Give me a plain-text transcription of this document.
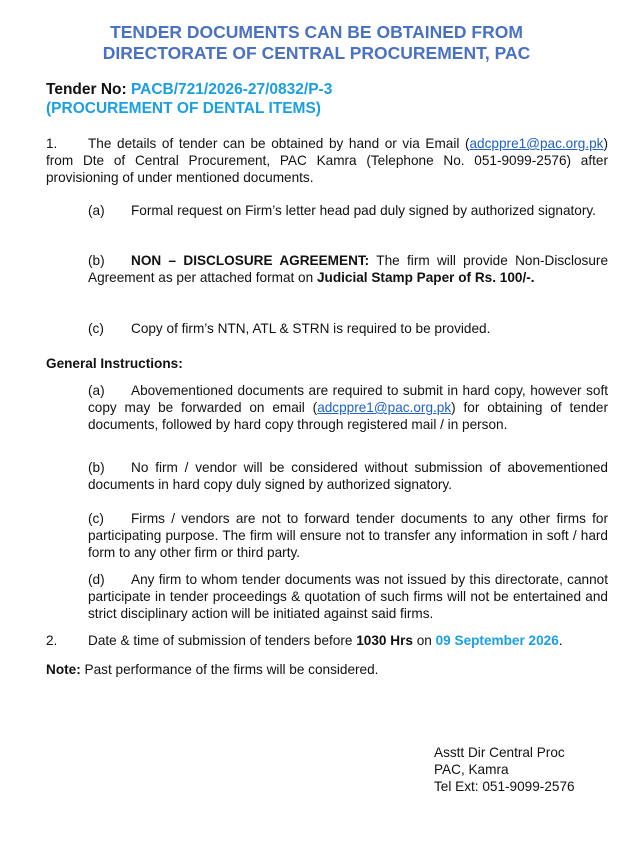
TENDER DOCUMENTS CAN BE OBTAINED FROM
DIRECTORATE OF CENTRAL PROCUREMENT, PAC
Tender No: PACB/721/2026-27/0832/P-3
(PROCUREMENT OF DENTAL ITEMS)
1. The details of tender can be obtained by hand or via Email (adcppre1@pac.org.pk) from Dte of Central Procurement, PAC Kamra (Telephone No. 051-9099-2576) after provisioning of under mentioned documents.
(a) Formal request on Firm’s letter head pad duly signed by authorized signatory.
(b) NON – DISCLOSURE AGREEMENT: The firm will provide Non-Disclosure Agreement as per attached format on Judicial Stamp Paper of Rs. 100/-.
(c) Copy of firm’s NTN, ATL & STRN is required to be provided.
General Instructions:
(a) Abovementioned documents are required to submit in hard copy, however soft copy may be forwarded on email (adcppre1@pac.org.pk) for obtaining of tender documents, followed by hard copy through registered mail / in person.
(b) No firm / vendor will be considered without submission of abovementioned documents in hard copy duly signed by authorized signatory.
(c) Firms / vendors are not to forward tender documents to any other firms for participating purpose. The firm will ensure not to transfer any information in soft / hard form to any other firm or third party.
(d) Any firm to whom tender documents was not issued by this directorate, cannot participate in tender proceedings & quotation of such firms will not be entertained and strict disciplinary action will be initiated against said firms.
2. Date & time of submission of tenders before 1030 Hrs on 09 September 2026.
Note: Past performance of the firms will be considered.
Asstt Dir Central Proc
PAC, Kamra
Tel Ext: 051-9099-2576
